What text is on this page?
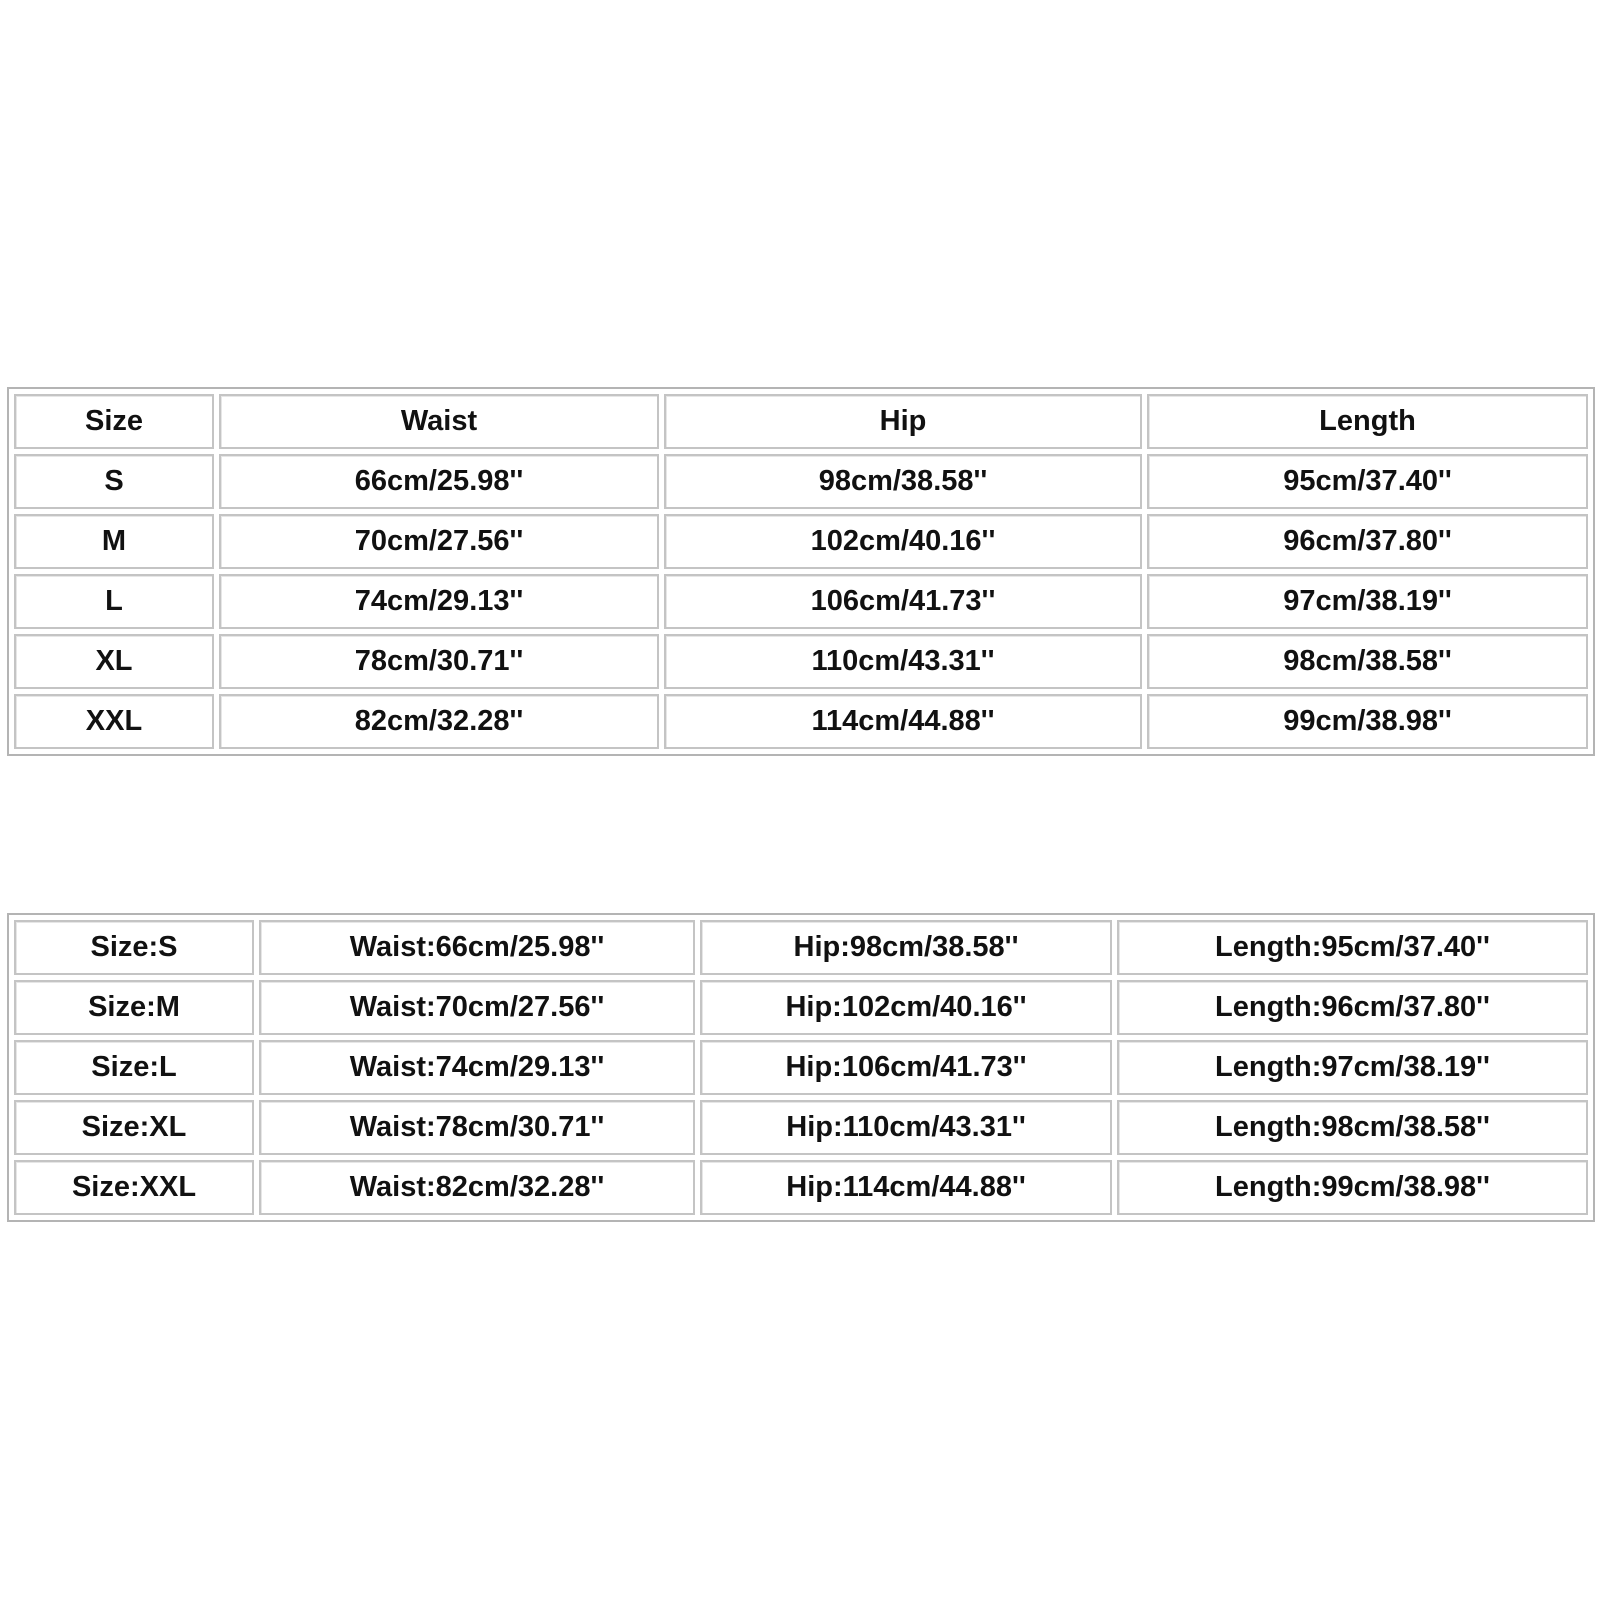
Size	Waist	Hip	Length
S	66cm/25.98''	98cm/38.58''	95cm/37.40''
M	70cm/27.56''	102cm/40.16''	96cm/37.80''
L	74cm/29.13''	106cm/41.73''	97cm/38.19''
XL	78cm/30.71''	110cm/43.31''	98cm/38.58''
XXL	82cm/32.28''	114cm/44.88''	99cm/38.98''
Size:S	Waist:66cm/25.98''	Hip:98cm/38.58''	Length:95cm/37.40''
Size:M	Waist:70cm/27.56''	Hip:102cm/40.16''	Length:96cm/37.80''
Size:L	Waist:74cm/29.13''	Hip:106cm/41.73''	Length:97cm/38.19''
Size:XL	Waist:78cm/30.71''	Hip:110cm/43.31''	Length:98cm/38.58''
Size:XXL	Waist:82cm/32.28''	Hip:114cm/44.88''	Length:99cm/38.98''
